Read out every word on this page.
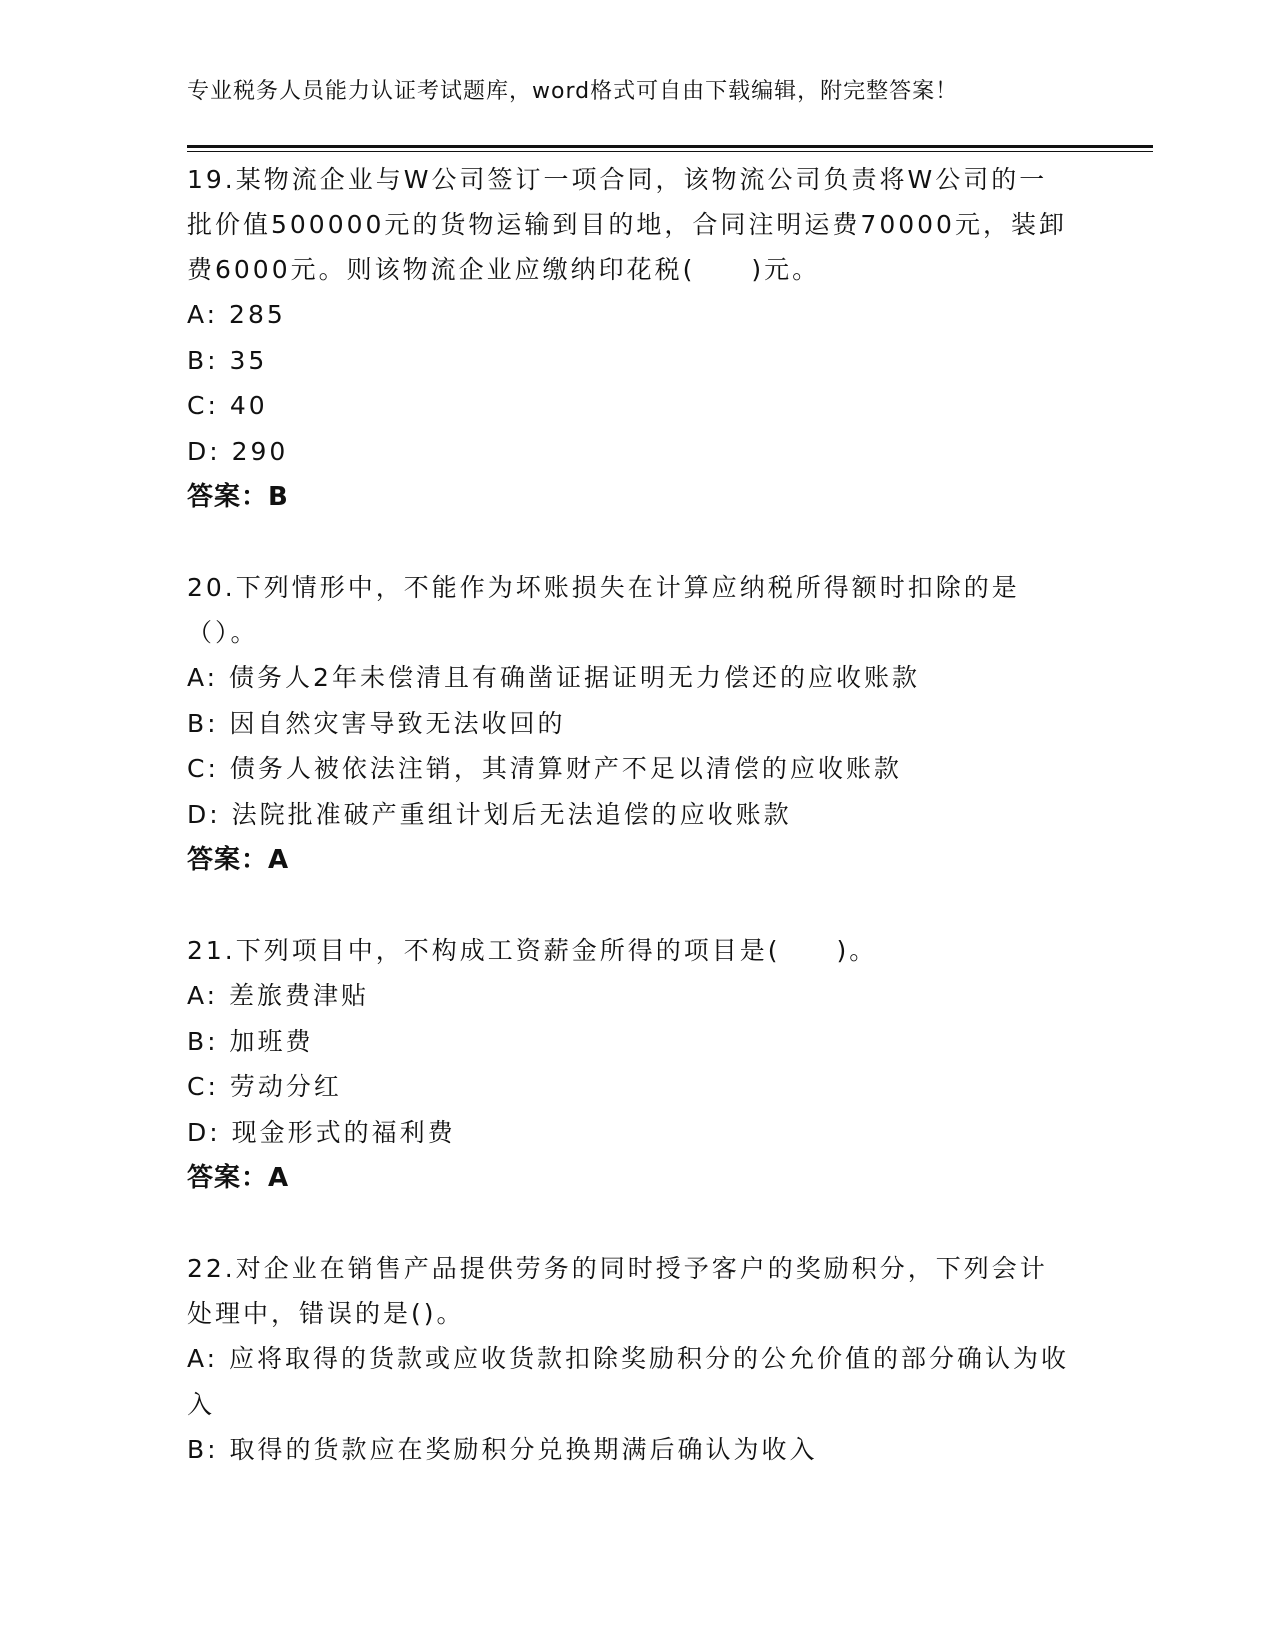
专业税务人员能力认证考试题库，word格式可自由下载编辑，附完整答案！

19.某物流企业与W公司签订一项合同，该物流公司负责将W公司的一批价值500000元的货物运输到目的地，合同注明运费70000元，装卸费6000元。则该物流企业应缴纳印花税(　　)元。

A: 285

B: 35

C: 40

D: 290

答案：B

20.下列情形中，不能作为坏账损失在计算应纳税所得额时扣除的是（）。

A: 债务人2年未偿清且有确凿证据证明无力偿还的应收账款

B: 因自然灾害导致无法收回的

C: 债务人被依法注销，其清算财产不足以清偿的应收账款

D: 法院批准破产重组计划后无法追偿的应收账款

答案：A

21.下列项目中，不构成工资薪金所得的项目是(　　)。

A: 差旅费津贴

B: 加班费

C: 劳动分红

D: 现金形式的福利费

答案：A

22.对企业在销售产品提供劳务的同时授予客户的奖励积分，下列会计处理中，错误的是()。

A: 应将取得的货款或应收货款扣除奖励积分的公允价值的部分确认为收入

B: 取得的货款应在奖励积分兑换期满后确认为收入
